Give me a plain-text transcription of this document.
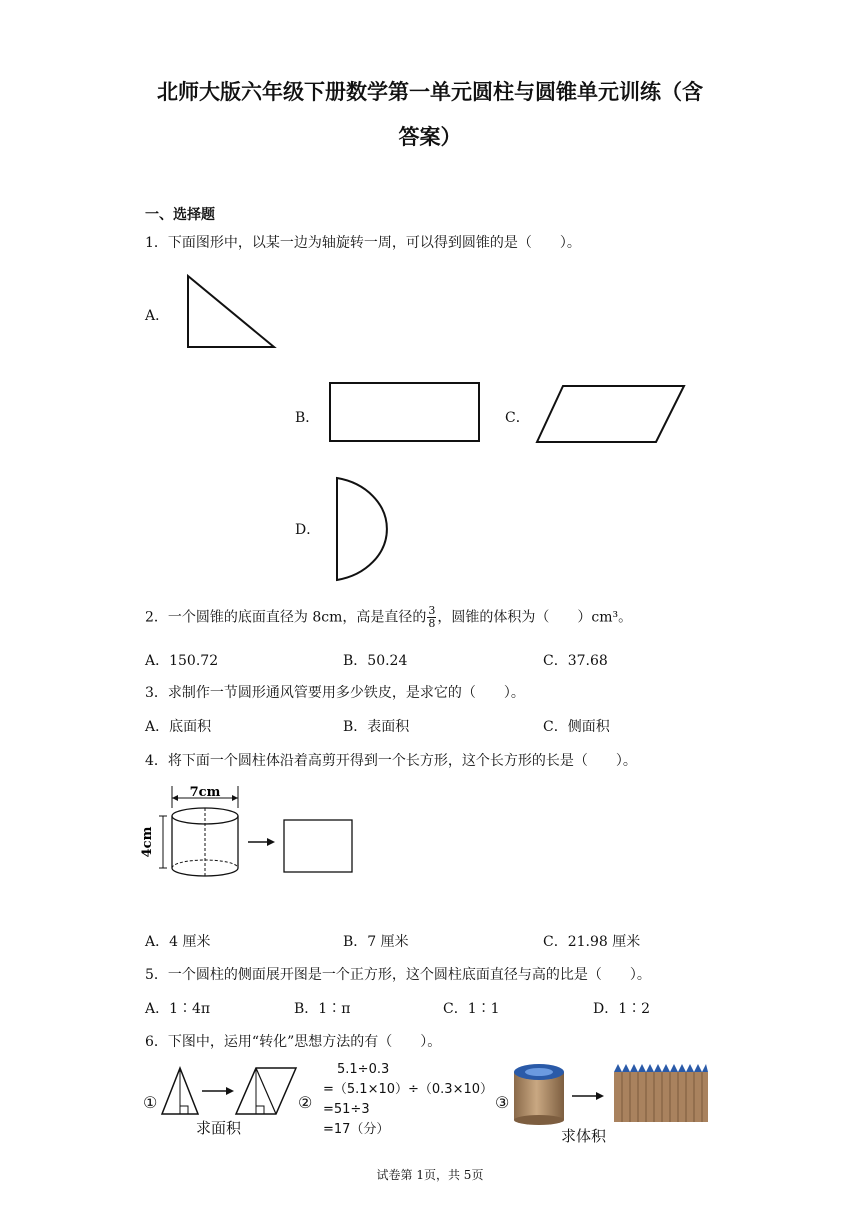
北师大版六年级下册数学第一单元圆柱与圆锥单元训练（含
答案）
一、选择题
1．下面图形中，以某一边为轴旋转一周，可以得到圆锥的是（　　）。
A．
B．	C．
D．
2．一个圆锥的底面直径为 8cm，高是直径的 $\frac{3}{8}$ ，圆锥的体积为（　　）cm³。
A．150.72	B．50.24	C．37.68
3．求制作一节圆形通风管要用多少铁皮，是求它的（　　）。
A．底面积	B．表面积	C．侧面积
4．将下面一个圆柱体沿着高剪开得到一个长方形，这个长方形的长是（　　）。
7cm
4cm
A．4 厘米	B．7 厘米	C．21.98 厘米
5．一个圆柱的侧面展开图是一个正方形，这个圆柱底面直径与高的比是（　　）。
A．1∶4π	B．1∶π	C．1∶1	D．1∶2
6．下图中，运用“转化”思想方法的有（　　）。
①
求面积
②
5.1÷0.3
=（5.1×10）÷（0.3×10）
=51÷3
=17（分）
③
求体积
试卷第 1页，共 5页
